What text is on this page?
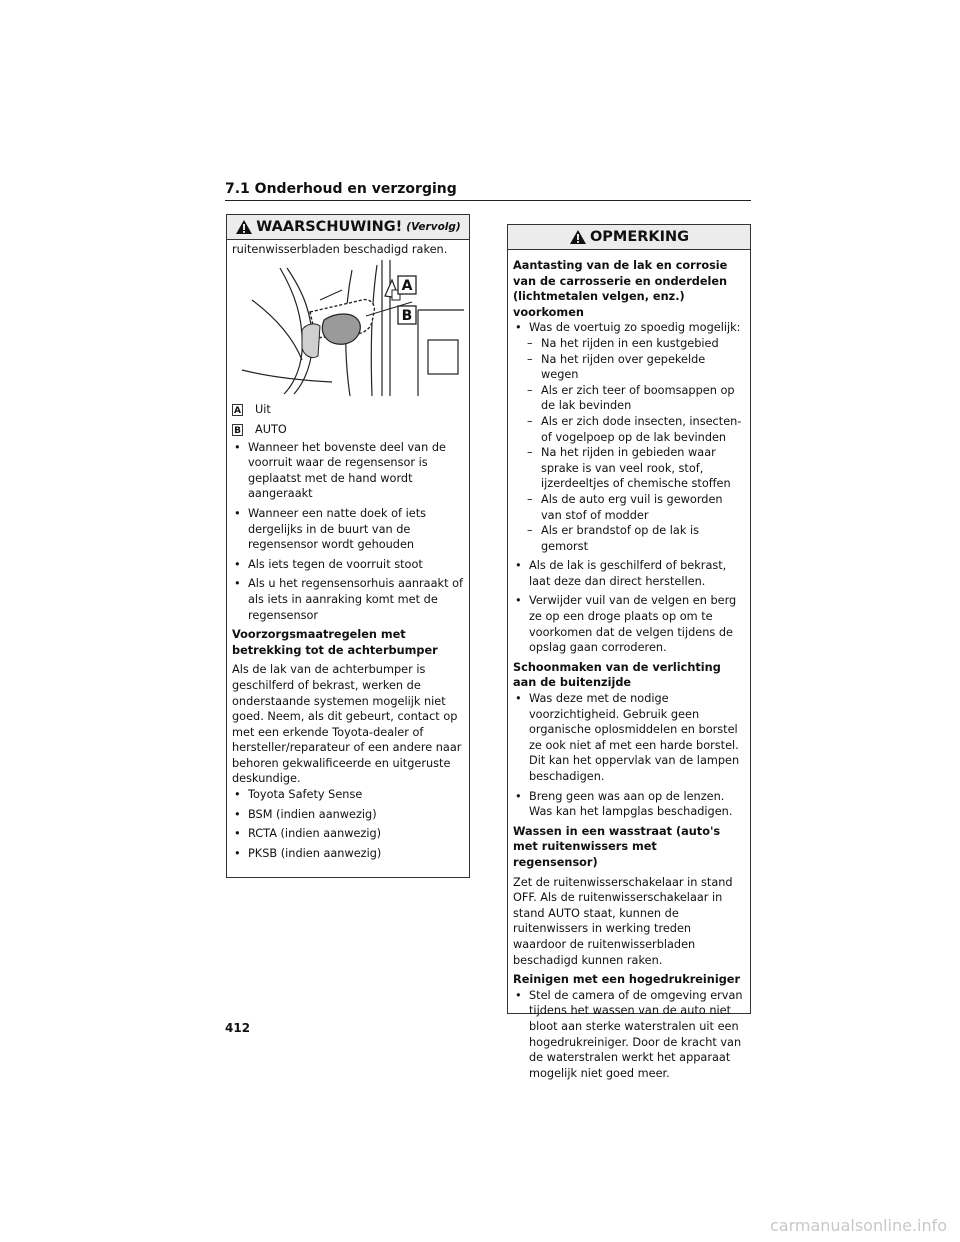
7.1 Onderhoud en verzorging
WAARSCHUWING! (Vervolg)

ruitenwisserbladen beschadigd raken.

A
B
A Uit
B AUTO
• Wanneer het bovenste deel van de voorruit waar de regensensor is geplaatst met de hand wordt aangeraakt
• Wanneer een natte doek of iets dergelijks in de buurt van de regensensor wordt gehouden
• Als iets tegen de voorruit stoot
• Als u het regensensorhuis aanraakt of als iets in aanraking komt met de regensensor

Voorzorgsmaatregelen met betrekking tot de achterbumper

Als de lak van de achterbumper is geschilferd of bekrast, werken de onderstaande systemen mogelijk niet goed. Neem, als dit gebeurt, contact op met een erkende Toyota-dealer of hersteller/reparateur of een andere naar behoren gekwalificeerde en uitgeruste deskundige.

• Toyota Safety Sense
• BSM (indien aanwezig)
• RCTA (indien aanwezig)
• PKSB (indien aanwezig)
OPMERKING

Aantasting van de lak en corrosie van de carrosserie en onderdelen (lichtmetalen velgen, enz.) voorkomen

• Was de voertuig zo spoedig mogelijk:
– Na het rijden in een kustgebied
– Na het rijden over gepekelde wegen
– Als er zich teer of boomsappen op de lak bevinden
– Als er zich dode insecten, insecten- of vogelpoep op de lak bevinden
– Na het rijden in gebieden waar sprake is van veel rook, stof, ijzerdeeltjes of chemische stoffen
– Als de auto erg vuil is geworden van stof of modder
– Als er brandstof op de lak is gemorst
• Als de lak is geschilferd of bekrast, laat deze dan direct herstellen.
• Verwijder vuil van de velgen en berg ze op een droge plaats op om te voorkomen dat de velgen tijdens de opslag gaan corroderen.

Schoonmaken van de verlichting aan de buitenzijde

• Was deze met de nodige voorzichtigheid. Gebruik geen organische oplosmiddelen en borstel ze ook niet af met een harde borstel. Dit kan het oppervlak van de lampen beschadigen.
• Breng geen was aan op de lenzen. Was kan het lampglas beschadigen.

Wassen in een wasstraat (auto's met ruitenwissers met regensensor)

Zet de ruitenwisserschakelaar in stand OFF. Als de ruitenwisserschakelaar in stand AUTO staat, kunnen de ruitenwissers in werking treden waardoor de ruitenwisserbladen beschadigd kunnen raken.

Reinigen met een hogedrukreiniger

• Stel de camera of de omgeving ervan tijdens het wassen van de auto niet bloot aan sterke waterstralen uit een hogedrukreiniger. Door de kracht van de waterstralen werkt het apparaat mogelijk niet goed meer.
412
carmanualsonline.info
